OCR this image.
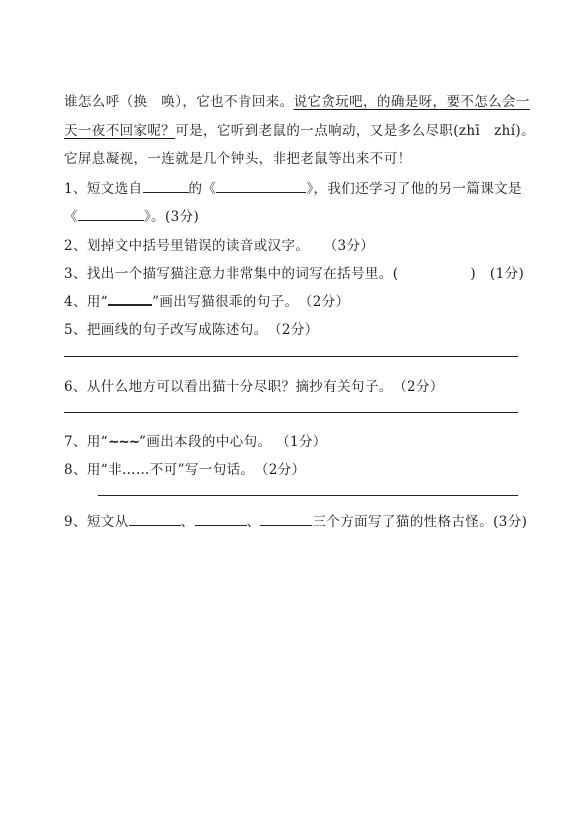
谁怎么呼（换　唤），它也不肯回来。说它贪玩吧，的确是呀，要不怎么会一
天一夜不回家呢？可是，它听到老鼠的一点响动，又是多么尽职(zhī　zhí)。
它屏息凝视，一连就是几个钟头，非把老鼠等出来不可！
1、短文选自	的《	》，我们还学习了他的另一篇课文是
《	》。(3分)
2、划掉文中括号里错误的读音或汉字。　　（3分）
3、找出一个描写猫注意力非常集中的词写在括号里。(	)　(1分)
4、用“	”画出写猫很乖的句子。　（2分）
5、把画线的句子改写成陈述句。　（2分）
6、从什么地方可以看出猫十分尽职？摘抄有关句子。　（2分）
7、用“∼∼∼”画出本段的中心句。 （1分）
8、用“非……不可”写一句话。　（2分）
9、短文从	、	、	三个方面写了猫的性格古怪。(3分)
